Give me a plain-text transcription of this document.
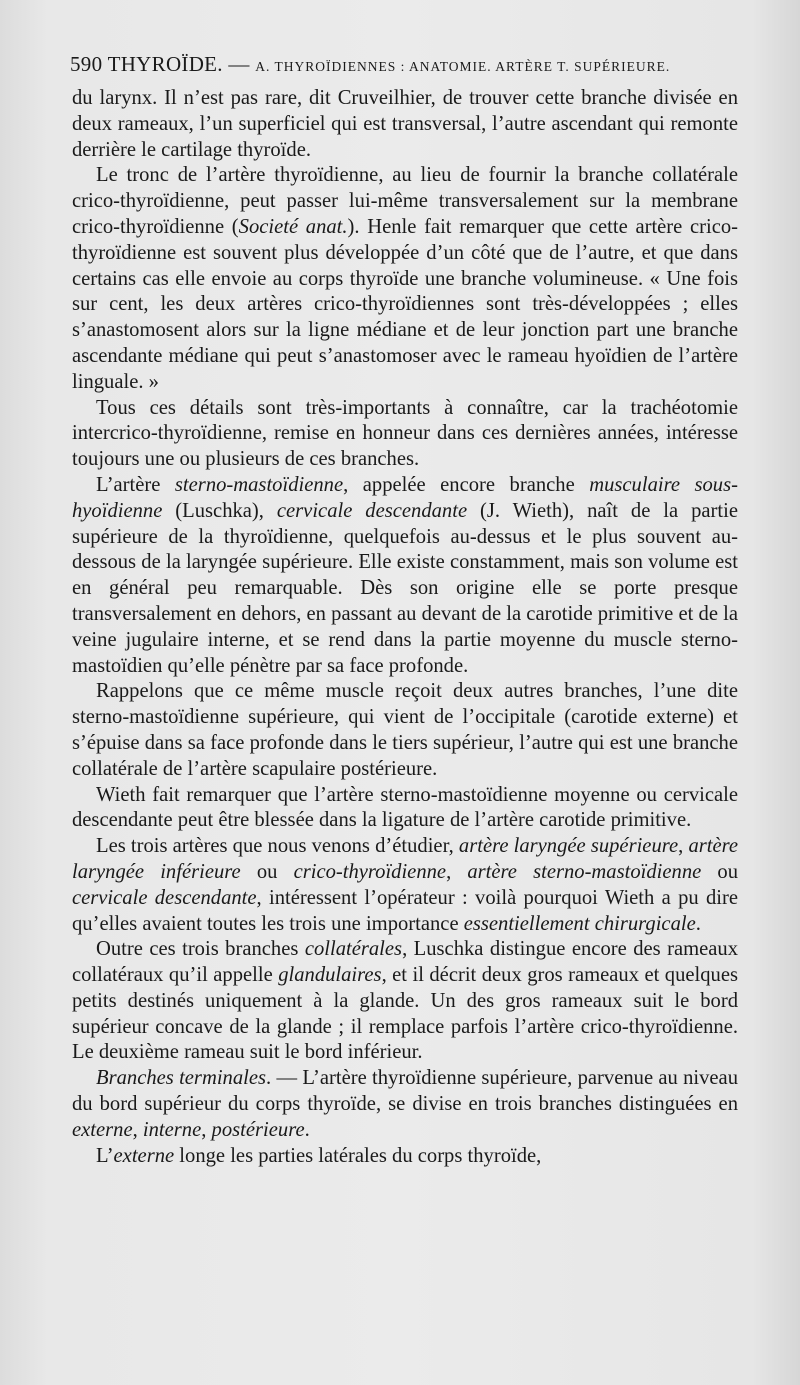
590 THYROÏDE. — A. THYROÏDIENNES : ANATOMIE. ARTÈRE T. SUPÉRIEURE.

du larynx. Il n’est pas rare, dit Cruveilhier, de trouver cette branche divisée en deux rameaux, l’un superficiel qui est transversal, l’autre ascendant qui remonte derrière le cartilage thyroïde.

Le tronc de l’artère thyroïdienne, au lieu de fournir la branche collatérale crico-thyroïdienne, peut passer lui-même transversalement sur la membrane crico-thyroïdienne (Societé anat.). Henle fait remarquer que cette artère crico-thyroïdienne est souvent plus développée d’un côté que de l’autre, et que dans certains cas elle envoie au corps thyroïde une branche volumineuse. « Une fois sur cent, les deux artères crico-thyroïdiennes sont très-développées ; elles s’anastomosent alors sur la ligne médiane et de leur jonction part une branche ascendante médiane qui peut s’anastomoser avec le rameau hyoïdien de l’artère linguale. »

Tous ces détails sont très-importants à connaître, car la trachéotomie intercrico-thyroïdienne, remise en honneur dans ces dernières années, intéresse toujours une ou plusieurs de ces branches.

L’artère sterno-mastoïdienne, appelée encore branche musculaire sous-hyoïdienne (Luschka), cervicale descendante (J. Wieth), naît de la partie supérieure de la thyroïdienne, quelquefois au-dessus et le plus souvent au-dessous de la laryngée supérieure. Elle existe constamment, mais son volume est en général peu remarquable. Dès son origine elle se porte presque transversalement en dehors, en passant au devant de la carotide primitive et de la veine jugulaire interne, et se rend dans la partie moyenne du muscle sterno-mastoïdien qu’elle pénètre par sa face profonde.

Rappelons que ce même muscle reçoit deux autres branches, l’une dite sterno-mastoïdienne supérieure, qui vient de l’occipitale (carotide externe) et s’épuise dans sa face profonde dans le tiers supérieur, l’autre qui est une branche collatérale de l’artère scapulaire postérieure.

Wieth fait remarquer que l’artère sterno-mastoïdienne moyenne ou cervicale descendante peut être blessée dans la ligature de l’artère carotide primitive.

Les trois artères que nous venons d’étudier, artère laryngée supérieure, artère laryngée inférieure ou crico-thyroïdienne, artère sterno-mastoïdienne ou cervicale descendante, intéressent l’opérateur : voilà pourquoi Wieth a pu dire qu’elles avaient toutes les trois une importance essentiellement chirurgicale.

Outre ces trois branches collatérales, Luschka distingue encore des rameaux collatéraux qu’il appelle glandulaires, et il décrit deux gros rameaux et quelques petits destinés uniquement à la glande. Un des gros rameaux suit le bord supérieur concave de la glande ; il remplace parfois l’artère crico-thyroïdienne. Le deuxième rameau suit le bord inférieur.

Branches terminales. — L’artère thyroïdienne supérieure, parvenue au niveau du bord supérieur du corps thyroïde, se divise en trois branches distinguées en externe, interne, postérieure.

L’externe longe les parties latérales du corps thyroïde,
